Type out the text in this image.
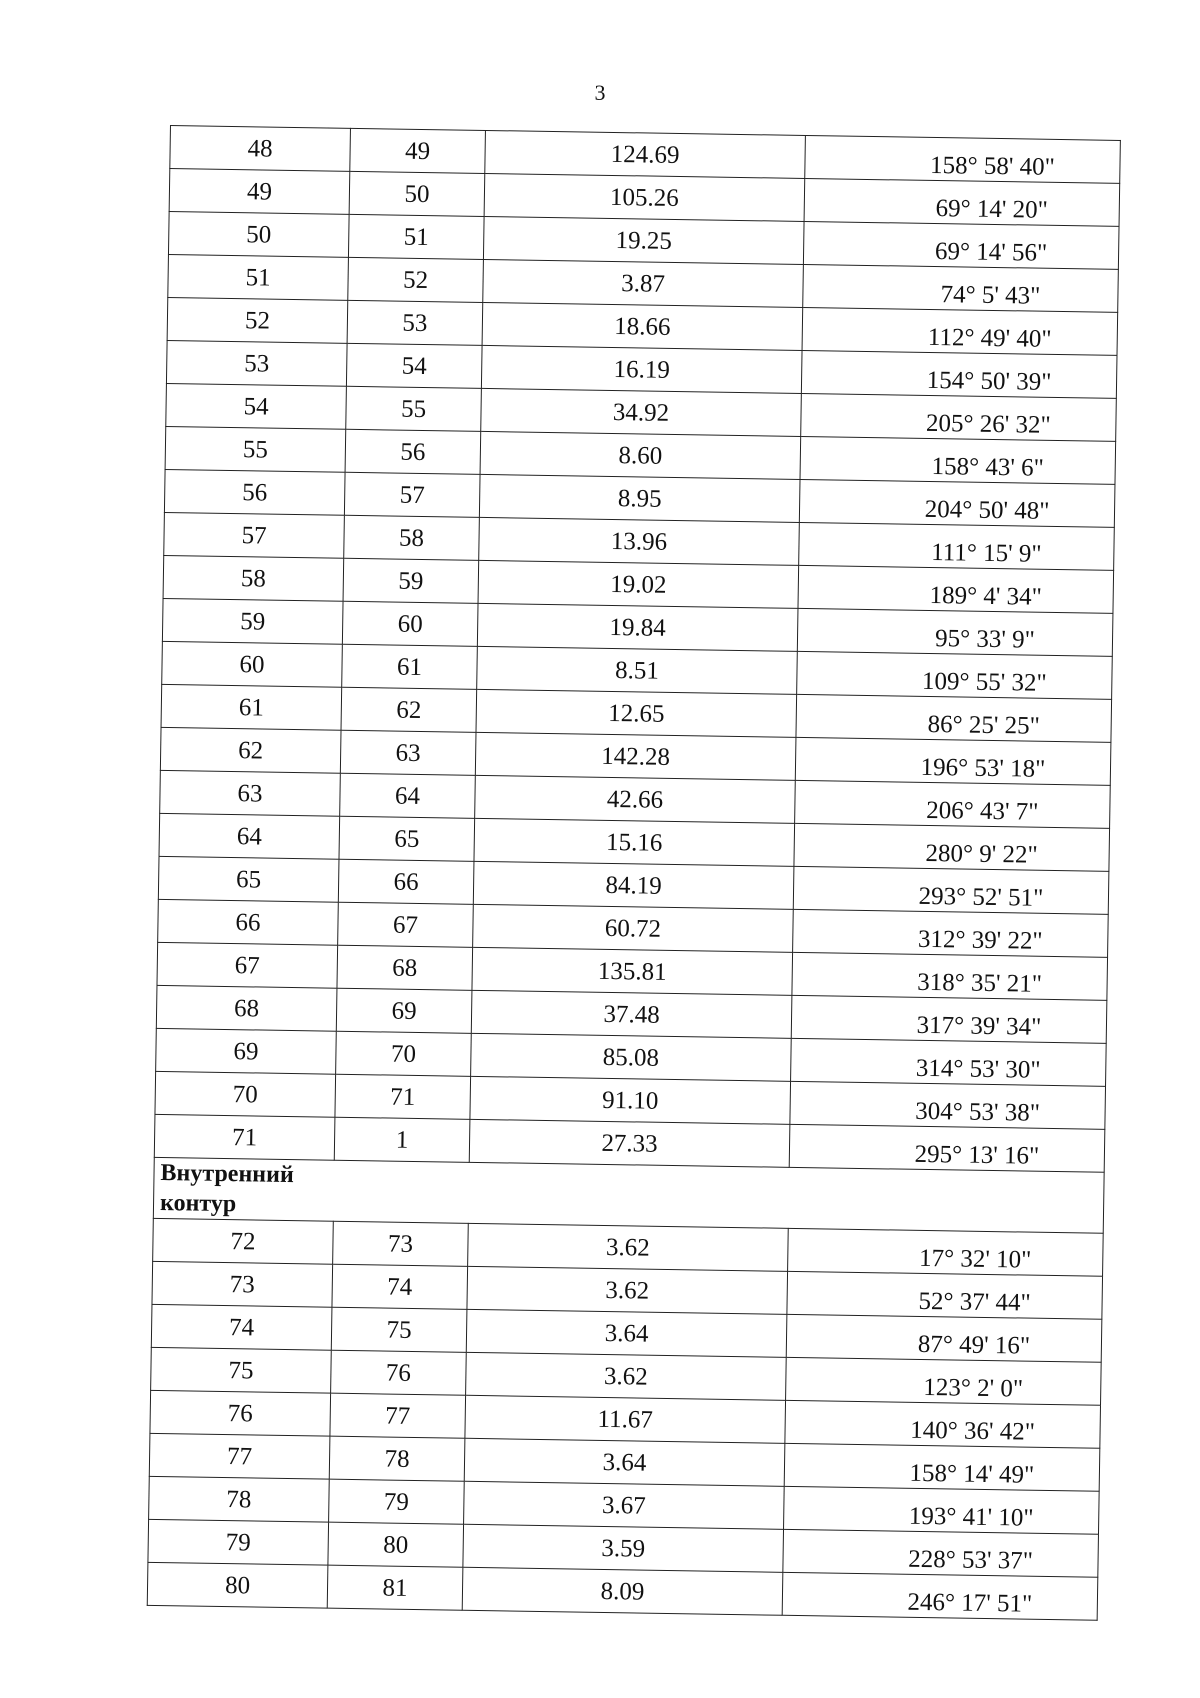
3
48	49	124.69	158° 58' 40"
49	50	105.26	69° 14' 20"
50	51	19.25	69° 14' 56"
51	52	3.87	74° 5' 43"
52	53	18.66	112° 49' 40"
53	54	16.19	154° 50' 39"
54	55	34.92	205° 26' 32"
55	56	8.60	158° 43' 6"
56	57	8.95	204° 50' 48"
57	58	13.96	111° 15' 9"
58	59	19.02	189° 4' 34"
59	60	19.84	95° 33' 9"
60	61	8.51	109° 55' 32"
61	62	12.65	86° 25' 25"
62	63	142.28	196° 53' 18"
63	64	42.66	206° 43' 7"
64	65	15.16	280° 9' 22"
65	66	84.19	293° 52' 51"
66	67	60.72	312° 39' 22"
67	68	135.81	318° 35' 21"
68	69	37.48	317° 39' 34"
69	70	85.08	314° 53' 30"
70	71	91.10	304° 53' 38"
71	1	27.33	295° 13' 16"

Внутренний контур			

72	73	3.62	17° 32' 10"
73	74	3.62	52° 37' 44"
74	75	3.64	87° 49' 16"
75	76	3.62	123° 2' 0"
76	77	11.67	140° 36' 42"
77	78	3.64	158° 14' 49"
78	79	3.67	193° 41' 10"
79	80	3.59	228° 53' 37"
80	81	8.09	246° 17' 51"
